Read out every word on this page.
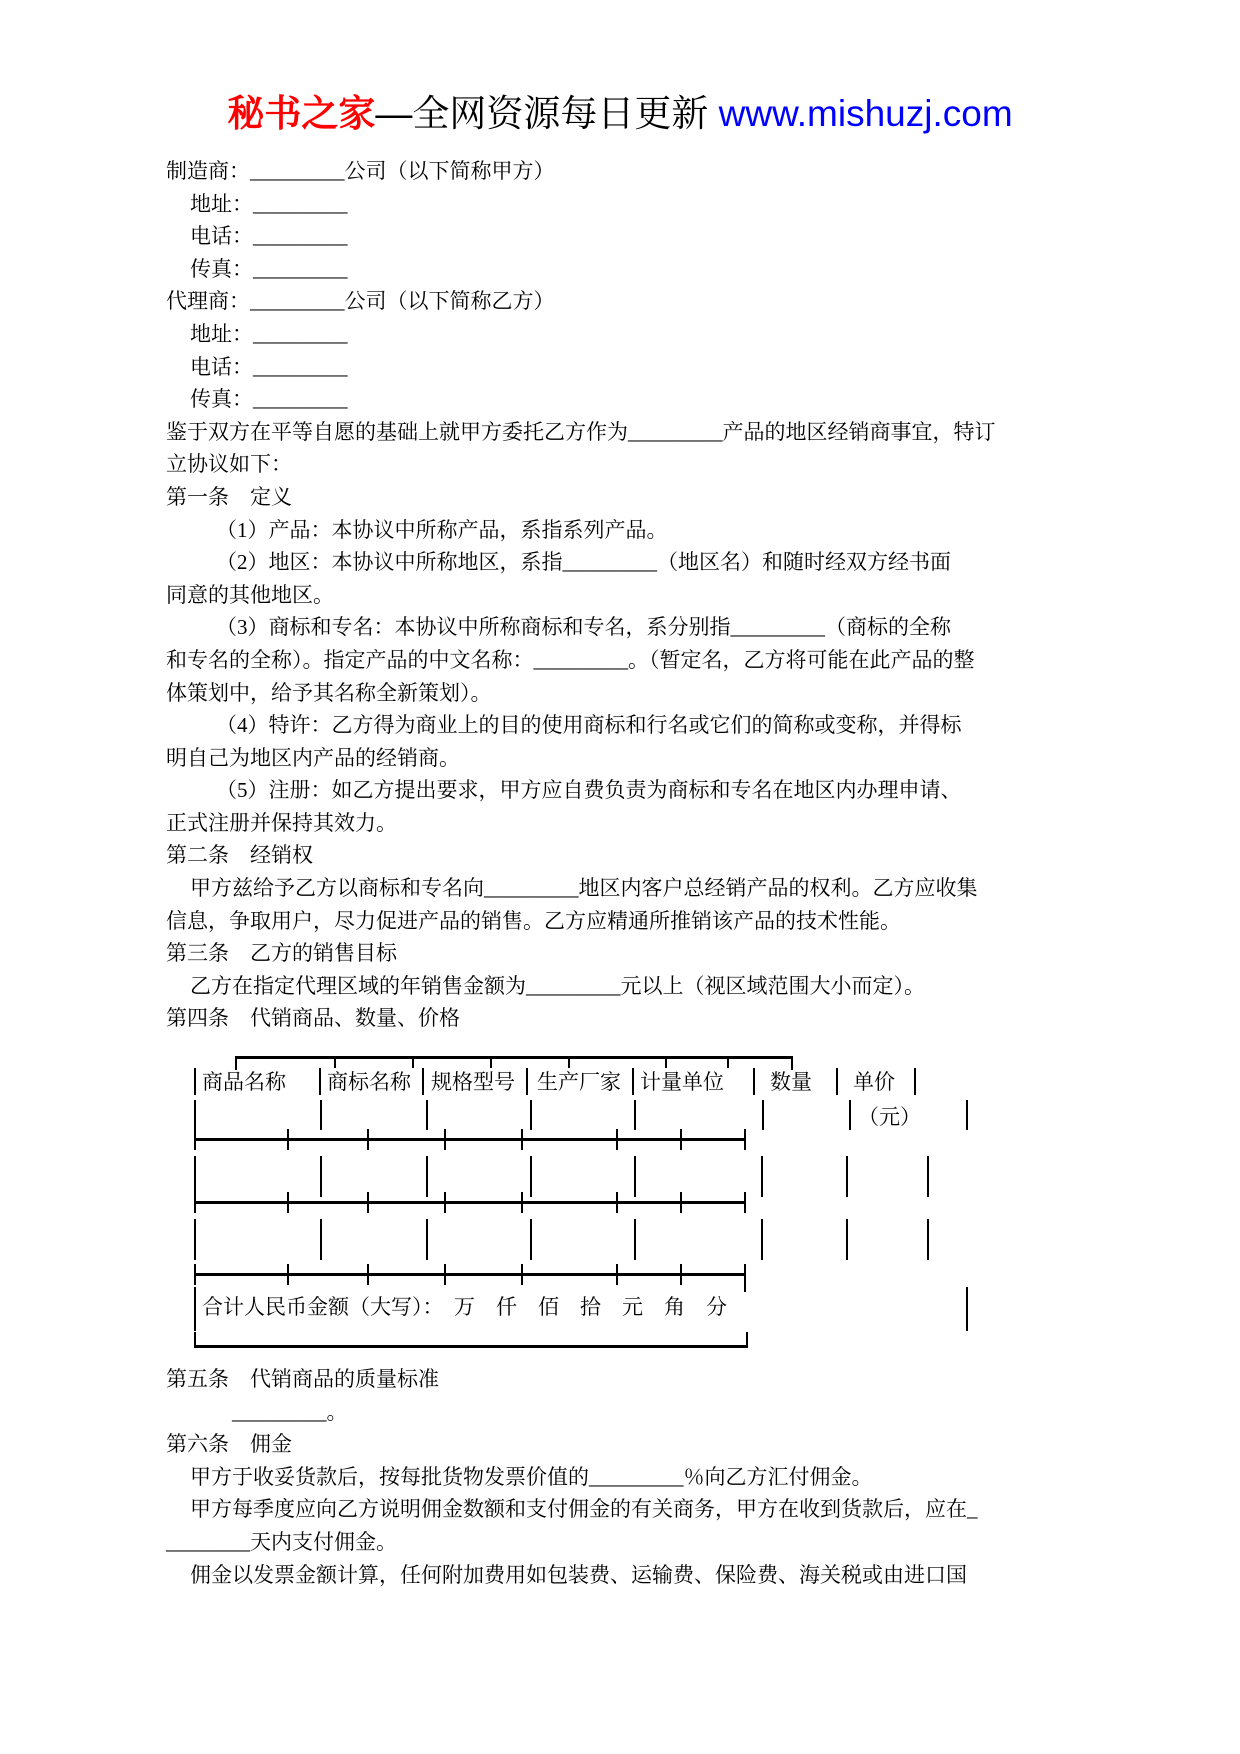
秘书之家—全网资源每日更新 www.mishuzj.com
制造商：_________公司（以下简称甲方）
地址：_________
电话：_________
传真：_________
代理商：_________公司（以下简称乙方）
地址：_________
电话：_________
传真：_________
鉴于双方在平等自愿的基础上就甲方委托乙方作为_________产品的地区经销商事宜，特订
立协议如下：
第一条　定义
（1）产品：本协议中所称产品，系指系列产品。
（2）地区：本协议中所称地区，系指_________（地区名）和随时经双方经书面
同意的其他地区。
（3）商标和专名：本协议中所称商标和专名，系分别指_________（商标的全称
和专名的全称）。指定产品的中文名称：_________。（暂定名，乙方将可能在此产品的整
体策划中，给予其名称全新策划）。
（4）特许：乙方得为商业上的目的使用商标和行名或它们的简称或变称，并得标
明自己为地区内产品的经销商。
（5）注册：如乙方提出要求，甲方应自费负责为商标和专名在地区内办理申请、
正式注册并保持其效力。
第二条　经销权
甲方兹给予乙方以商标和专名向_________地区内客户总经销产品的权利。乙方应收集
信息，争取用户，尽力促进产品的销售。乙方应精通所推销该产品的技术性能。
第三条　乙方的销售目标
乙方在指定代理区域的年销售金额为_________元以上（视区域范围大小而定）。
第四条　代销商品、数量、价格
商品名称 商标名称 规格型号 生产厂家 计量单位 数量 单价
（元）
合计人民币金额（大写）：　万　仟　佰　拾　元　角　分
第五条　代销商品的质量标准
_________。
第六条　佣金
甲方于收妥货款后，按每批货物发票价值的_________％向乙方汇付佣金。
甲方每季度应向乙方说明佣金数额和支付佣金的有关商务，甲方在收到货款后，应在_
________天内支付佣金。
佣金以发票金额计算，任何附加费用如包装费、运输费、保险费、海关税或由进口国
